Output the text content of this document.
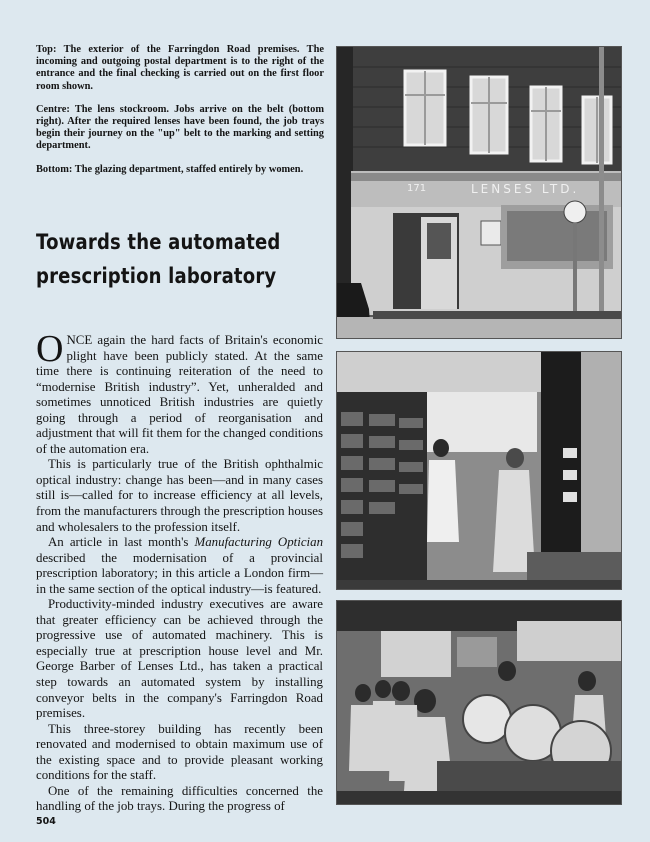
Top: The exterior of the Farringdon Road premises. The incoming and outgoing postal department is to the right of the entrance and the final checking is carried out on the first floor room shown.

Centre: The lens stockroom. Jobs arrive on the belt (bottom right). After the required lenses have been found, the job trays begin their journey on the "up" belt to the marking and setting department.

Bottom: The glazing department, staffed entirely by women.

Towards the automated
prescription laboratory

ONCE again the hard facts of Britain's economic plight have been publicly stated. At the same time there is continuing reiteration of the need to “modernise British industry”. Yet, unheralded and sometimes unnoticed British industries are quietly going through a period of reorganisation and adjustment that will fit them for the changed conditions of the automation era.

This is particularly true of the British ophthalmic optical industry: change has been—and in many cases still is—called for to increase efficiency at all levels, from the manufacturers through the prescription houses and wholesalers to the profession itself.

An article in last month's Manufacturing Optician described the modernisation of a provincial prescription laboratory; in this article a London firm—in the same section of the optical industry—is featured.

Productivity-minded industry executives are aware that greater efficiency can be achieved through the progressive use of automated machinery. This is especially true at prescription house level and Mr. George Barber of Lenses Ltd., has taken a practical step towards an automated system by installing conveyor belts in the company's Farringdon Road premises.

This three-storey building has recently been renovated and modernised to obtain maximum use of the existing space and to provide pleasant working conditions for the staff.

One of the remaining difficulties concerned the handling of the job trays. During the progress of

504
171	LENSES LTD.
